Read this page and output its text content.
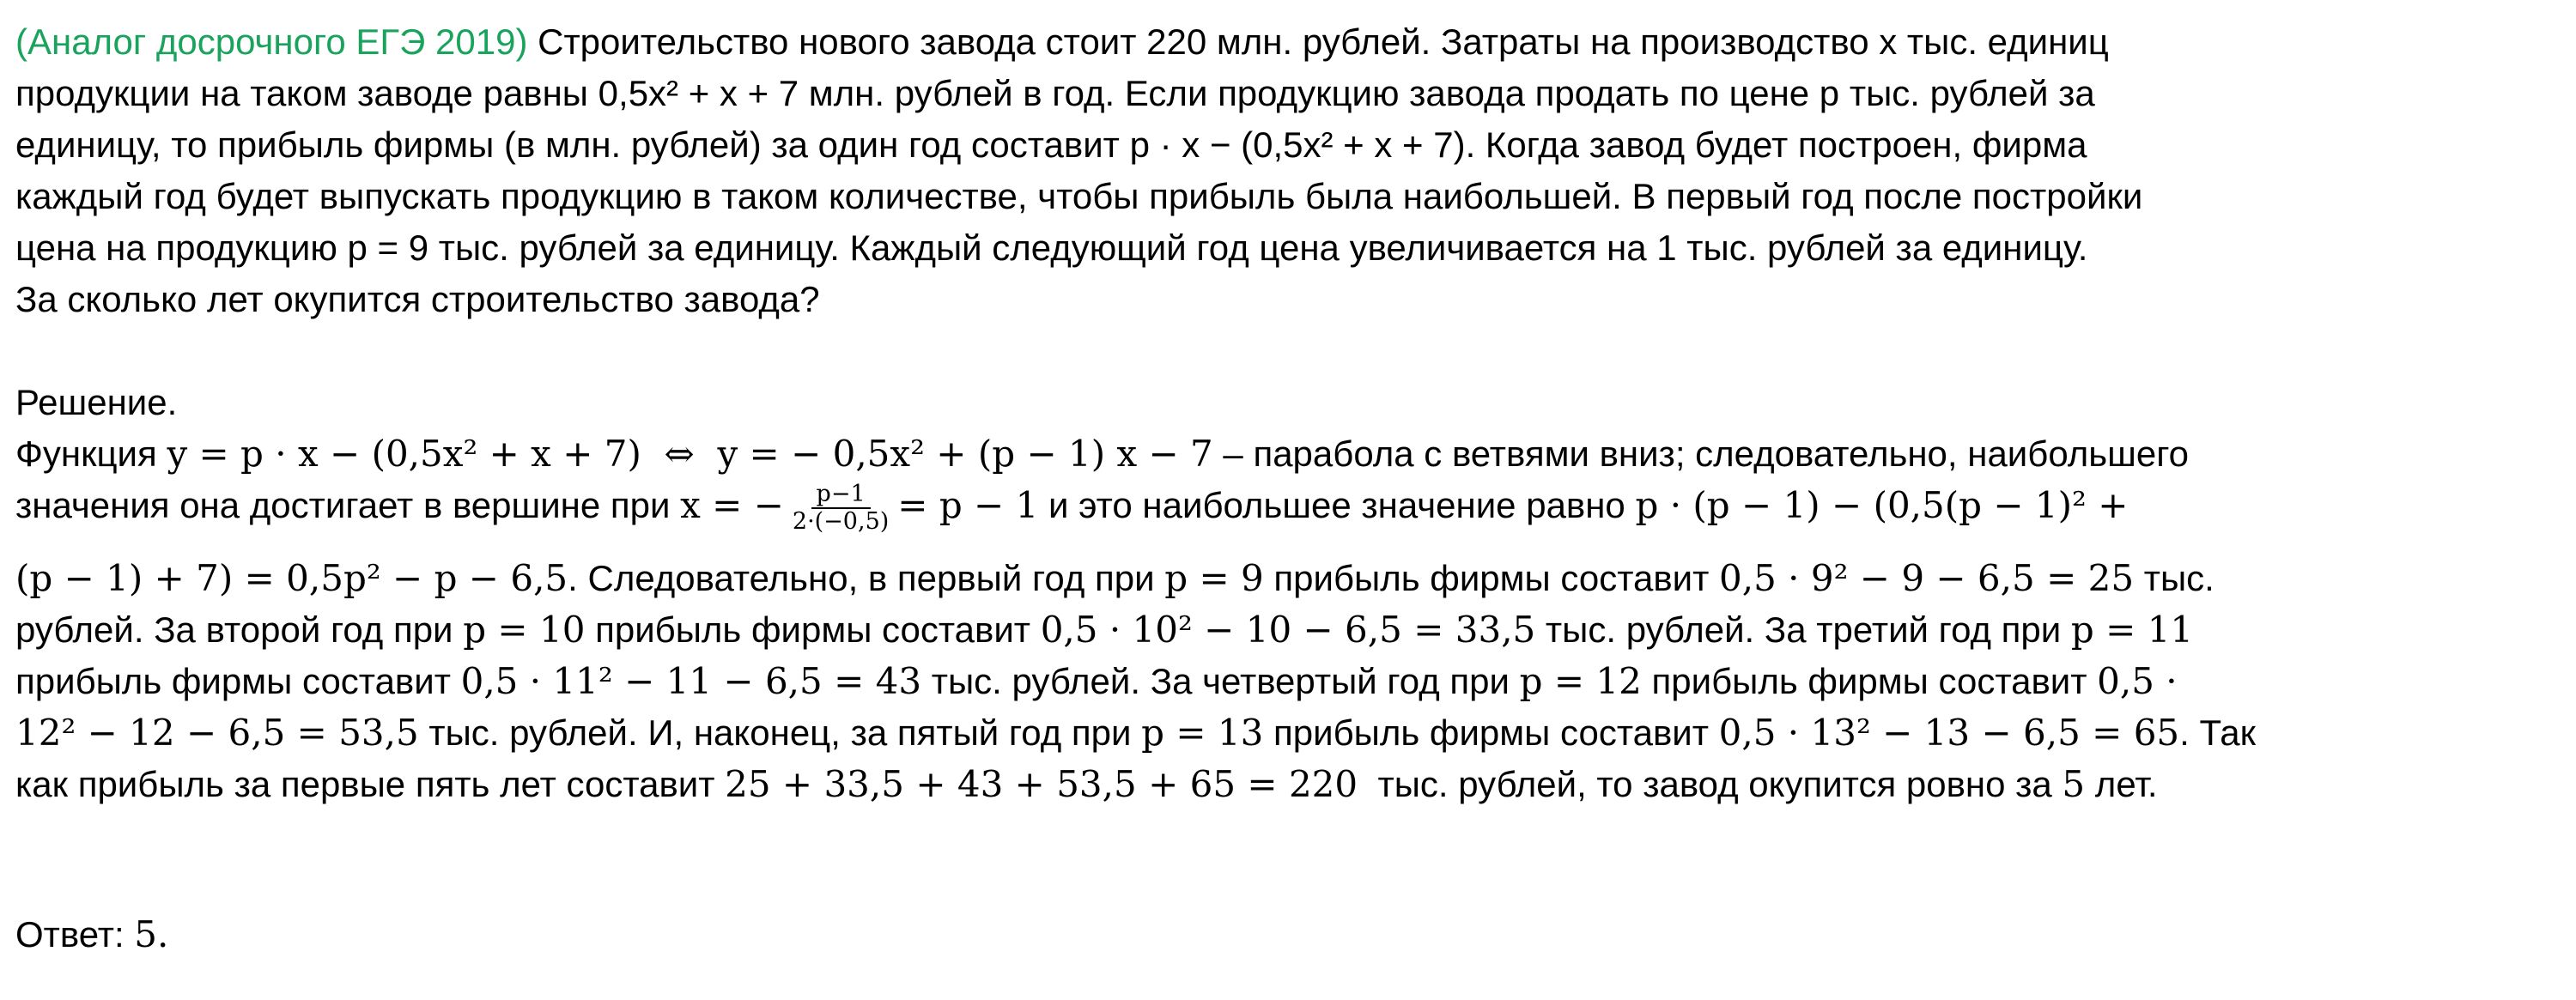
(Аналог досрочного ЕГЭ 2019) Строительство нового завода стоит 220 млн. рублей. Затраты на производство x тыс. единиц

продукции на таком заводе равны 0,5x² + x + 7 млн. рублей в год. Если продукцию завода продать по цене p тыс. рублей за

единицу, то прибыль фирмы (в млн. рублей) за один год составит p · x − (0,5x² + x + 7). Когда завод будет построен, фирма

каждый год будет выпускать продукцию в таком количестве, чтобы прибыль была наибольшей. В первый год после постройки

цена на продукцию p = 9 тыс. рублей за единицу. Каждый следующий год цена увеличивается на 1 тыс. рублей за единицу.

За сколько лет окупится строительство завода?

Решение.

Функция y = p · x − (0,5x² + x + 7)  ⇔  y = − 0,5x² + (p − 1) x − 7 – парабола с ветвями вниз; следовательно, наибольшего

значения она достигает в вершине при x = − $\frac{p-1}{2\cdot(-0,5)} = p - 1$ и это наибольшее значение равно p · (p − 1) − (0,5(p − 1)² +

(p − 1) + 7) = 0,5p² − p − 6,5. Следовательно, в первый год при p = 9 прибыль фирмы составит 0,5 · 9² − 9 − 6,5 = 25 тыс.

рублей. За второй год при p = 10 прибыль фирмы составит 0,5 · 10² − 10 − 6,5 = 33,5 тыс. рублей. За третий год при p = 11

прибыль фирмы составит 0,5 · 11² − 11 − 6,5 = 43 тыс. рублей. За четвертый год при p = 12 прибыль фирмы составит 0,5 ·

12² − 12 − 6,5 = 53,5 тыс. рублей. И, наконец, за пятый год при p = 13 прибыль фирмы составит 0,5 · 13² − 13 − 6,5 = 65. Так

как прибыль за первые пять лет составит 25 + 33,5 + 43 + 53,5 + 65 = 220  тыс. рублей, то завод окупится ровно за 5 лет.

Ответ: 5.
